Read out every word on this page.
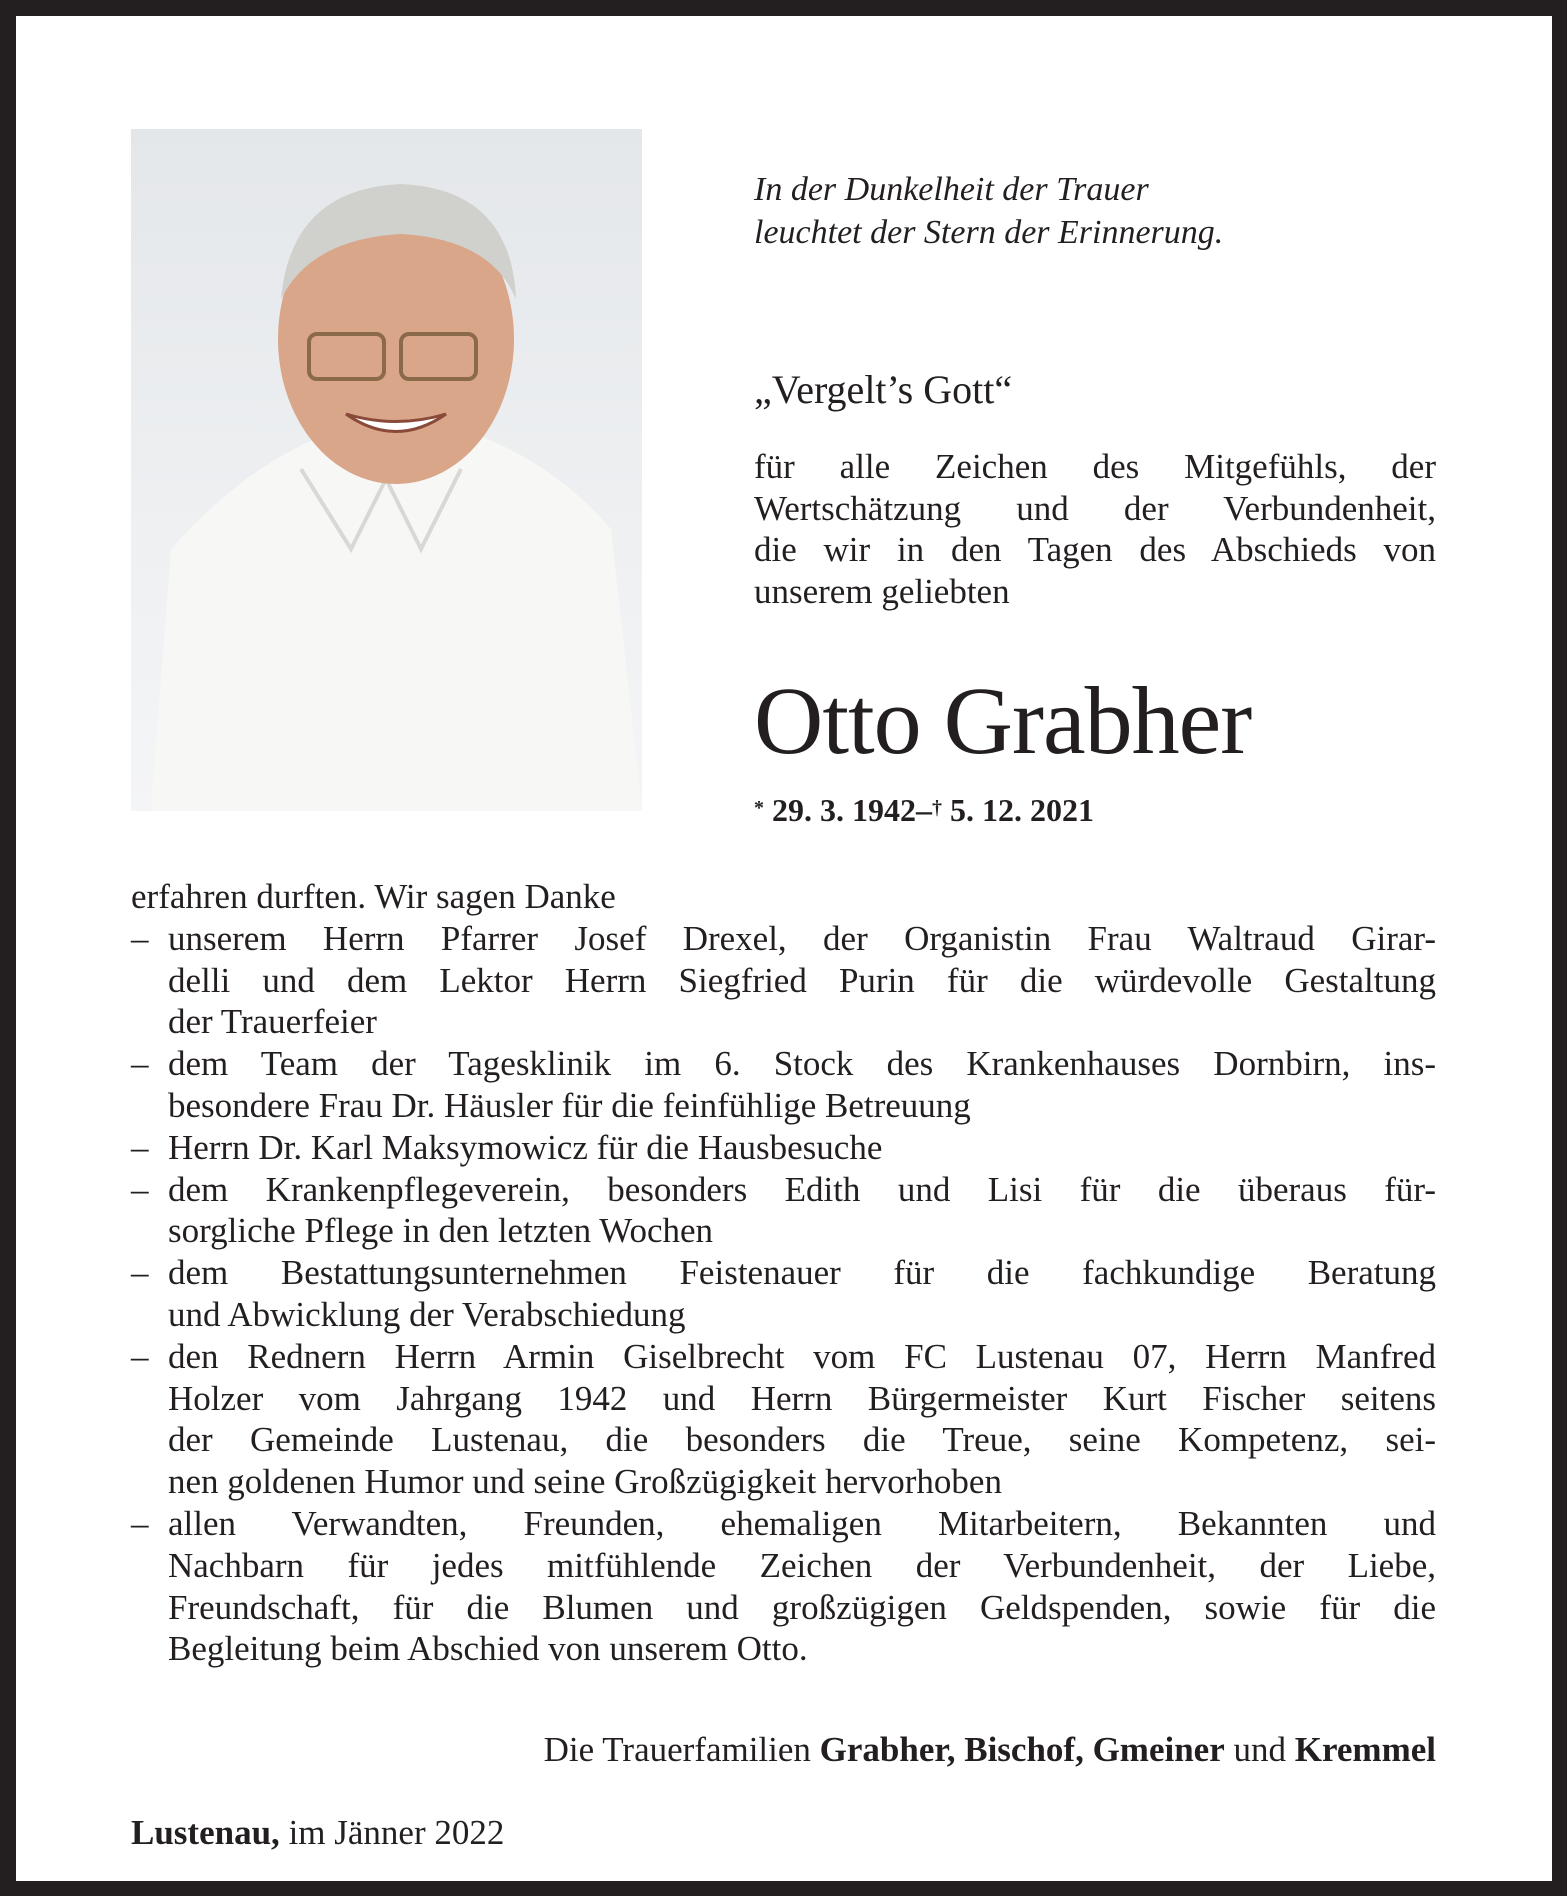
In der Dunkelheit der Trauer
leuchtet der Stern der Erinnerung.
„Vergelt’s Gott“
für alle Zeichen des Mitgefühls, der
Wertschätzung und der Verbundenheit,
die wir in den Tagen des Abschieds von
unserem geliebten
Otto Grabher
* 29. 3. 1942–† 5. 12. 2021
erfahren durften. Wir sagen Danke
– unserem Herrn Pfarrer Josef Drexel, der Organistin Frau Waltraud Girar-
delli und dem Lektor Herrn Siegfried Purin für die würdevolle Gestaltung
der Trauerfeier
– dem Team der Tagesklinik im 6. Stock des Krankenhauses Dornbirn, ins-
besondere Frau Dr. Häusler für die feinfühlige Betreuung
– Herrn Dr. Karl Maksymowicz für die Hausbesuche
– dem Krankenpflegeverein, besonders Edith und Lisi für die überaus für-
sorgliche Pflege in den letzten Wochen
– dem Bestattungsunternehmen Feistenauer für die fachkundige Beratung
und Abwicklung der Verabschiedung
– den Rednern Herrn Armin Giselbrecht vom FC Lustenau 07, Herrn Manfred
Holzer vom Jahrgang 1942 und Herrn Bürgermeister Kurt Fischer seitens
der Gemeinde Lustenau, die besonders die Treue, seine Kompetenz, sei-
nen goldenen Humor und seine Großzügigkeit hervorhoben
– allen Verwandten, Freunden, ehemaligen Mitarbeitern, Bekannten und
Nachbarn für jedes mitfühlende Zeichen der Verbundenheit, der Liebe,
Freundschaft, für die Blumen und großzügigen Geldspenden, sowie für die
Begleitung beim Abschied von unserem Otto.
Die Trauerfamilien Grabher, Bischof, Gmeiner und Kremmel
Lustenau, im Jänner 2022
